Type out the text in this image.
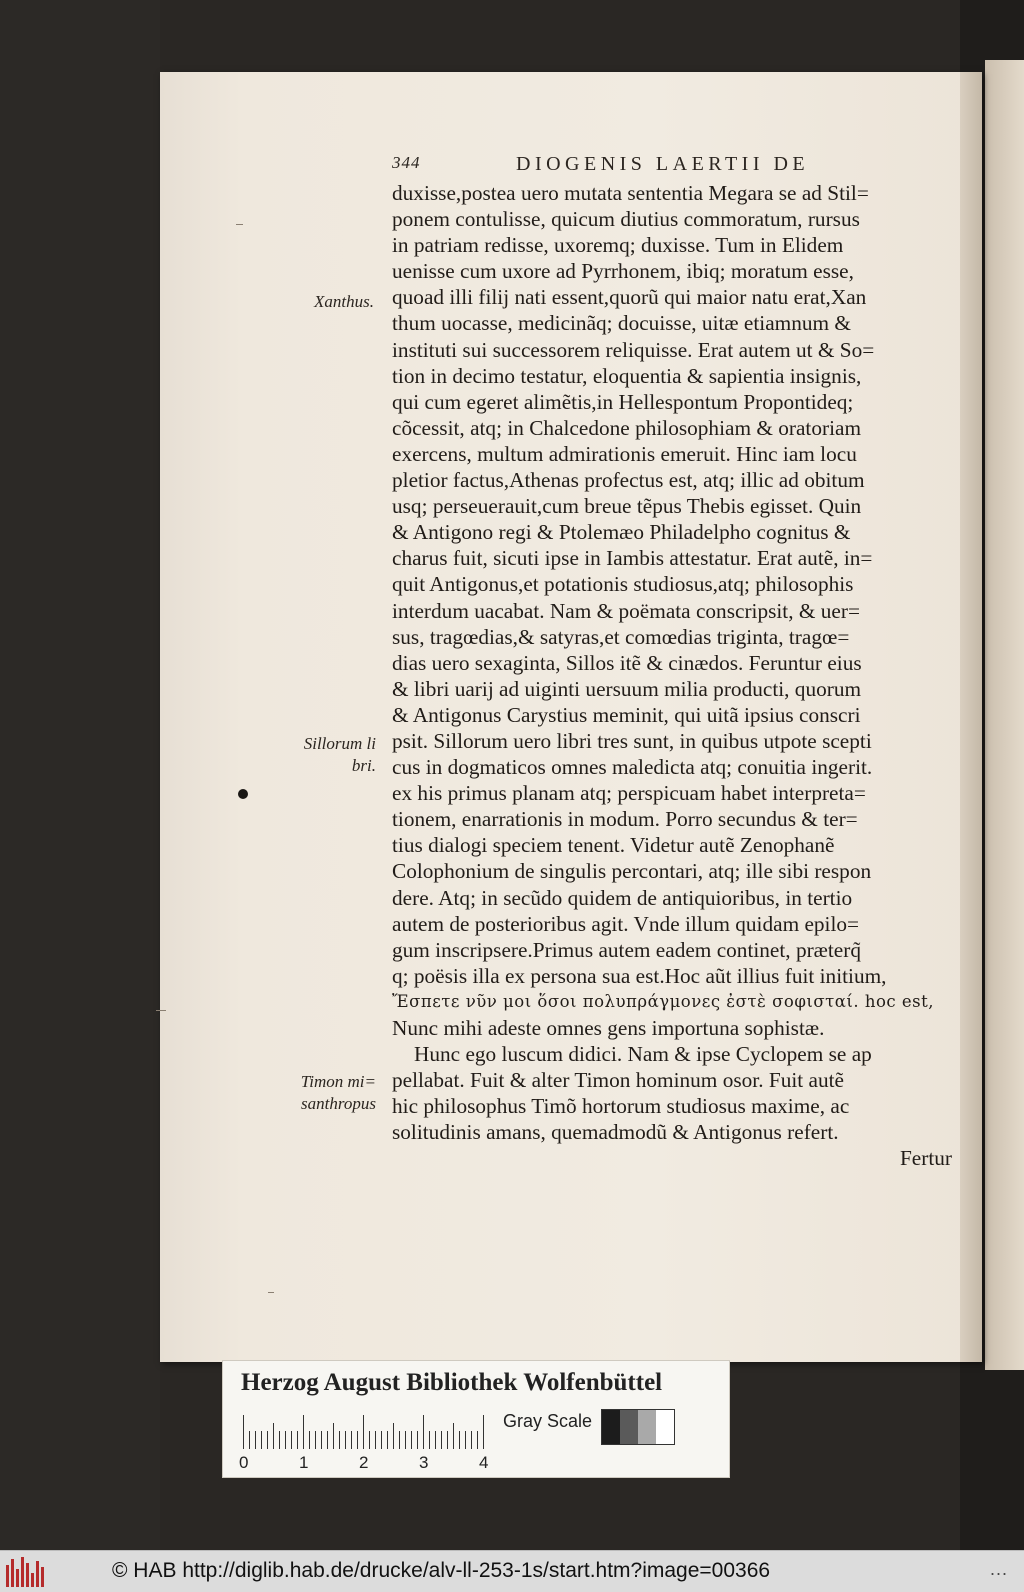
344	DIOGENIS LAERTII DE
duxisse,postea uero mutata sententia Megara se ad Stil=
ponem contulisse, quicum diutius commoratum, rursus
in patriam redisse, uxoremq; duxisse. Tum in Elidem
uenisse cum uxore ad Pyrrhonem, ibiq; moratum esse,
quoad illi filij nati essent,quorũ qui maior natu erat,Xan
thum uocasse, medicinãq; docuisse, uitæ etiamnum &
instituti sui successorem reliquisse. Erat autem ut & So=
tion in decimo testatur, eloquentia & sapientia insignis,
qui cum egeret alimẽtis,in Hellespontum Propontideq;
cõcessit, atq; in Chalcedone philosophiam & oratoriam
exercens, multum admirationis emeruit. Hinc iam locu
pletior factus,Athenas profectus est, atq; illic ad obitum
usq; perseuerauit,cum breue tẽpus Thebis egisset. Quin
& Antigono regi & Ptolemæo Philadelpho cognitus &
charus fuit, sicuti ipse in Iambis attestatur. Erat autẽ, in=
quit Antigonus,et potationis studiosus,atq; philosophis
interdum uacabat. Nam & poëmata conscripsit, & uer=
sus, tragœdias,& satyras,et comœdias triginta, tragœ=
dias uero sexaginta, Sillos itẽ & cinædos. Feruntur eius
& libri uarij ad uiginti uersuum milia producti, quorum
& Antigonus Carystius meminit, qui uitã ipsius conscri
psit. Sillorum uero libri tres sunt, in quibus utpote scepti
cus in dogmaticos omnes maledicta atq; conuitia ingerit.
ex his primus planam atq; perspicuam habet interpreta=
tionem, enarrationis in modum. Porro secundus & ter=
tius dialogi speciem tenent. Videtur autẽ Zenophanẽ
Colophonium de singulis percontari, atq; ille sibi respon
dere. Atq; in secũdo quidem de antiquioribus, in tertio
autem de posterioribus agit. Vnde illum quidam epilo=
gum inscripsere.Primus autem eadem continet, præterq̃
q; poësis illa ex persona sua est.Hoc aũt illius fuit initium,
Ἔσπετε νῦν μοι ὅσοι πολυπράγμονες ἐστὲ σοφισταί. hoc est,
Nunc mihi adeste omnes gens importuna sophistæ.
Hunc ego luscum didici. Nam & ipse Cyclopem se ap
pellabat. Fuit & alter Timon hominum osor. Fuit autẽ
hic philosophus Timõ hortorum studiosus maxime, ac
solitudinis amans, quemadmodũ & Antigonus refert.
Fertur
Xanthus.
Sillorum li
bri.
Timon mi=
santhropus
Herzog August Bibliothek Wolfenbüttel
0	1	2	3	4
Gray Scale
© HAB http://diglib.hab.de/drucke/alv-ll-253-1s/start.htm?image=00366	...
